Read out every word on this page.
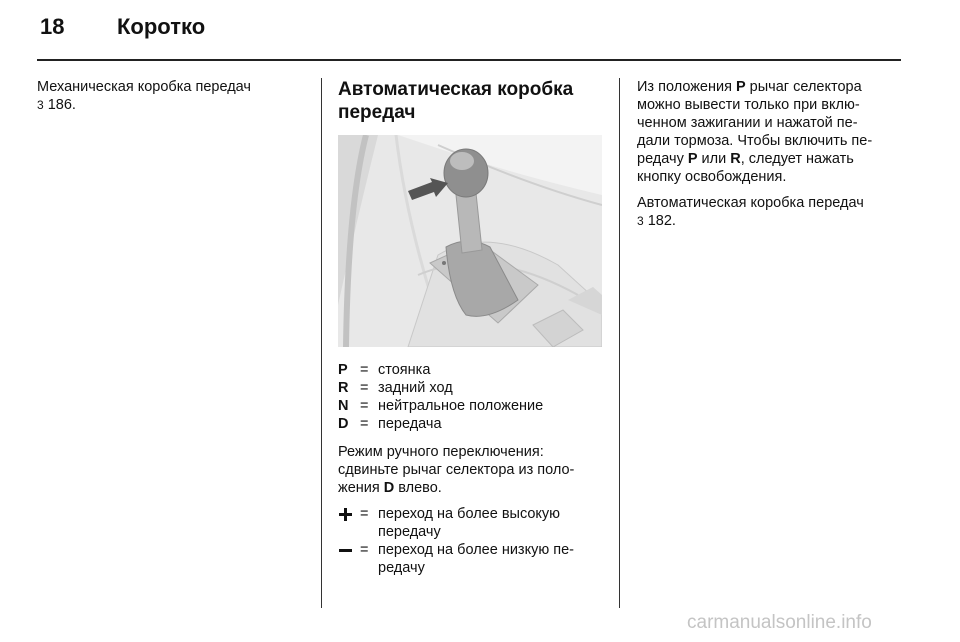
18 Коротко

Механическая коробка передач
3 186.

Автоматическая коробка
передач
P = стоянка
R = задний ход
N = нейтральное положение
D = передача

Режим ручного переключения:
сдвиньте рычаг селектора из поло-
жения D влево.

= переход на более высокую
передачу
= переход на более низкую пе-
редачу

Из положения P рычаг селектора
можно вывести только при вклю-
ченном зажигании и нажатой пе-
дали тормоза. Чтобы включить пе-
редачу P или R, следует нажать
кнопку освобождения.

Автоматическая коробка передач
3 182.

carmanualsonline.info
